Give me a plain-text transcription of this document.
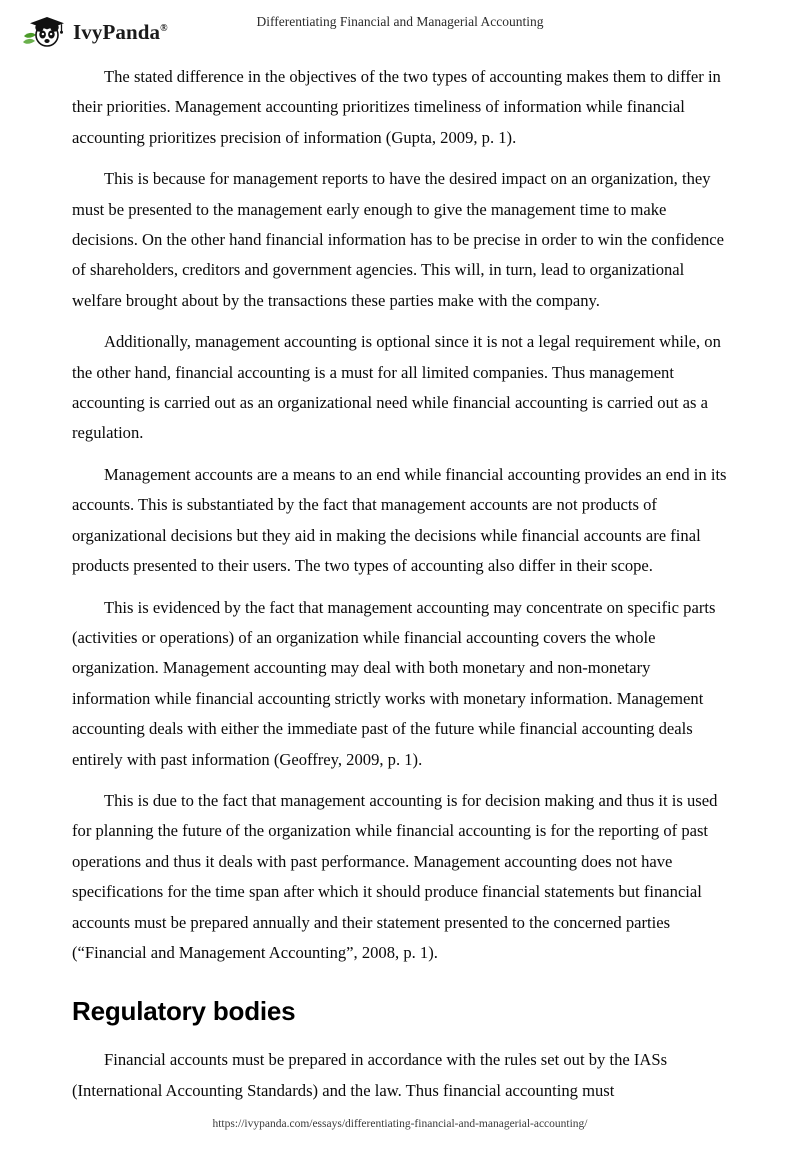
IvyPanda®	Differentiating Financial and Managerial Accounting

The stated difference in the objectives of the two types of accounting makes them to differ in their priorities. Management accounting prioritizes timeliness of information while financial accounting prioritizes precision of information (Gupta, 2009, p. 1).

This is because for management reports to have the desired impact on an organization, they must be presented to the management early enough to give the management time to make decisions. On the other hand financial information has to be precise in order to win the confidence of shareholders, creditors and government agencies. This will, in turn, lead to organizational welfare brought about by the transactions these parties make with the company.

Additionally, management accounting is optional since it is not a legal requirement while, on the other hand, financial accounting is a must for all limited companies. Thus management accounting is carried out as an organizational need while financial accounting is carried out as a regulation.

Management accounts are a means to an end while financial accounting provides an end in its accounts. This is substantiated by the fact that management accounts are not products of organizational decisions but they aid in making the decisions while financial accounts are final products presented to their users. The two types of accounting also differ in their scope.

This is evidenced by the fact that management accounting may concentrate on specific parts (activities or operations) of an organization while financial accounting covers the whole organization. Management accounting may deal with both monetary and non-monetary information while financial accounting strictly works with monetary information. Management accounting deals with either the immediate past of the future while financial accounting deals entirely with past information (Geoffrey, 2009, p. 1).

This is due to the fact that management accounting is for decision making and thus it is used for planning the future of the organization while financial accounting is for the reporting of past operations and thus it deals with past performance. Management accounting does not have specifications for the time span after which it should produce financial statements but financial accounts must be prepared annually and their statement presented to the concerned parties (“Financial and Management Accounting”, 2008, p. 1).

Regulatory bodies

Financial accounts must be prepared in accordance with the rules set out by the IASs (International Accounting Standards) and the law. Thus financial accounting must

https://ivypanda.com/essays/differentiating-financial-and-managerial-accounting/
